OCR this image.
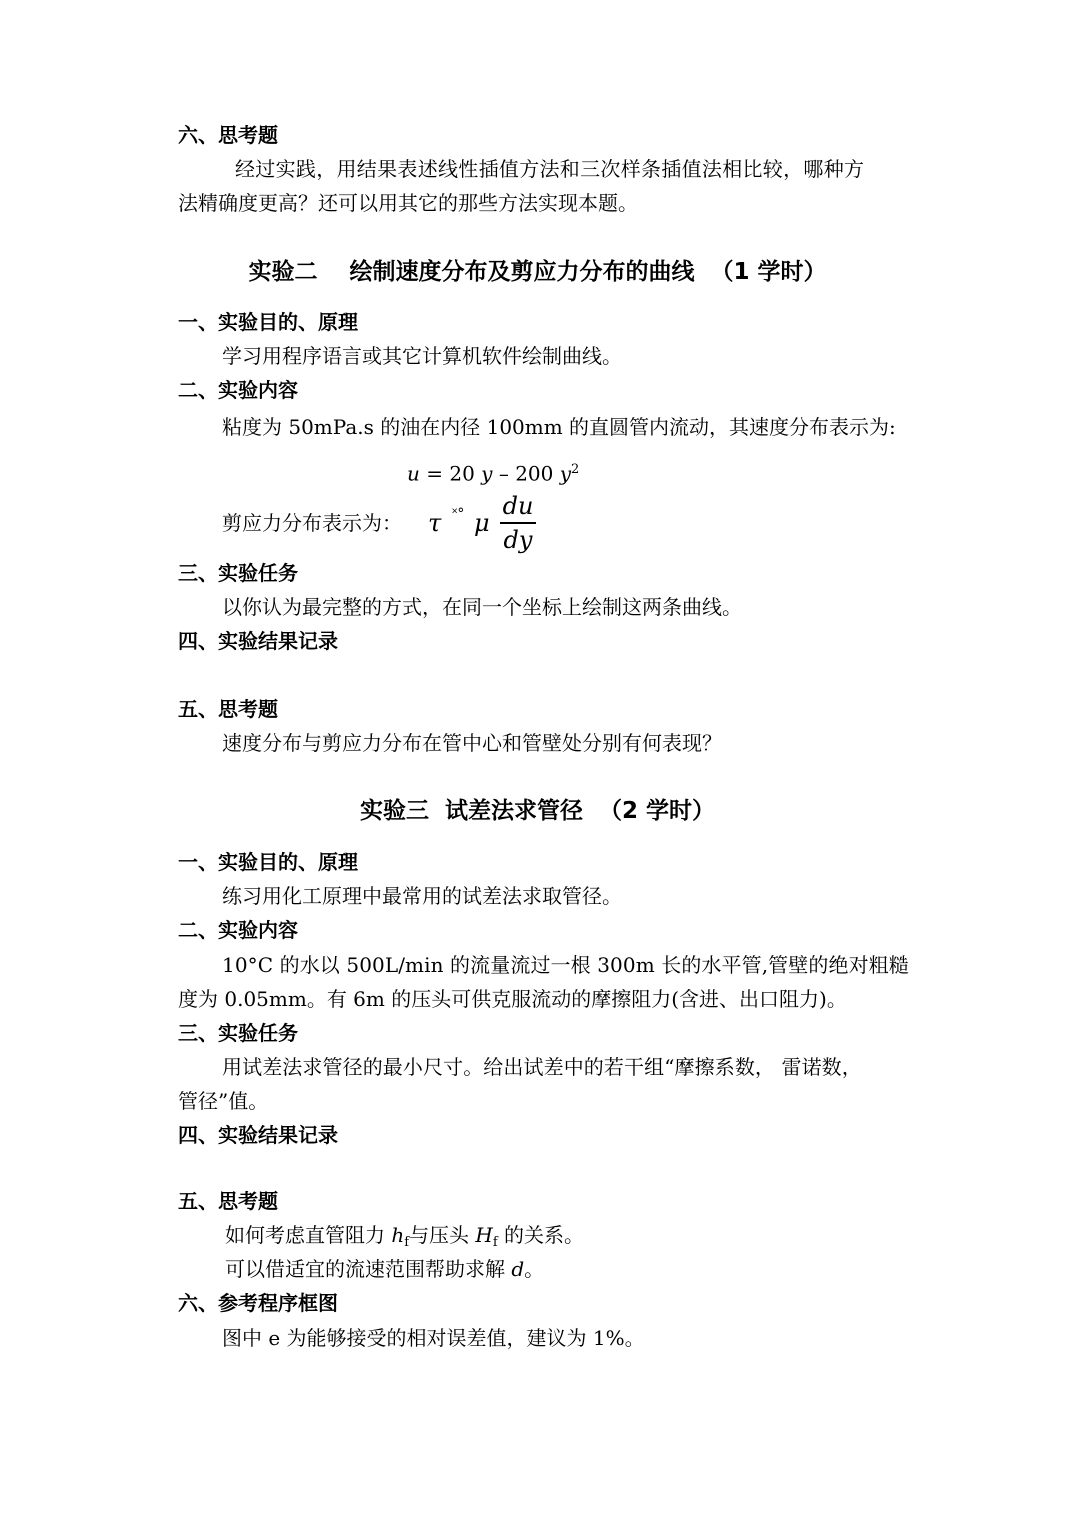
六、思考题
经过实践，用结果表述线性插值方法和三次样条插值法相比较，哪种方
法精确度更高？还可以用其它的那些方法实现本题。
实验二    绘制速度分布及剪应力分布的曲线  （1 学时）
一、实验目的、原理
学习用程序语言或其它计算机软件绘制曲线。
二、实验内容
粘度为 50mPa.s 的油在内径 100mm 的直圆管内流动，其速度分布表示为:
u = 20 y – 200 $y^2$
剪应力分布表示为： τ ˟° μ
du
dy
三、实验任务
以你认为最完整的方式，在同一个坐标上绘制这两条曲线。
四、实验结果记录
五、思考题
速度分布与剪应力分布在管中心和管壁处分别有何表现？
实验三  试差法求管径  （2 学时）
一、实验目的、原理
练习用化工原理中最常用的试差法求取管径。
二、实验内容
10°C 的水以 500L/min 的流量流过一根 300m 长的水平管,管壁的绝对粗糙
度为 0.05mm。有 6m 的压头可供克服流动的摩擦阻力(含进、出口阻力)。
三、实验任务
用试差法求管径的最小尺寸。给出试差中的若干组“摩擦系数， 雷诺数，
管径”值。
四、实验结果记录
五、思考题
如何考虑直管阻力 $h_f$与压头 $H_f$ 的关系。
可以借适宜的流速范围帮助求解 d。
六、参考程序框图
图中 e 为能够接受的相对误差值，建议为 1%。
